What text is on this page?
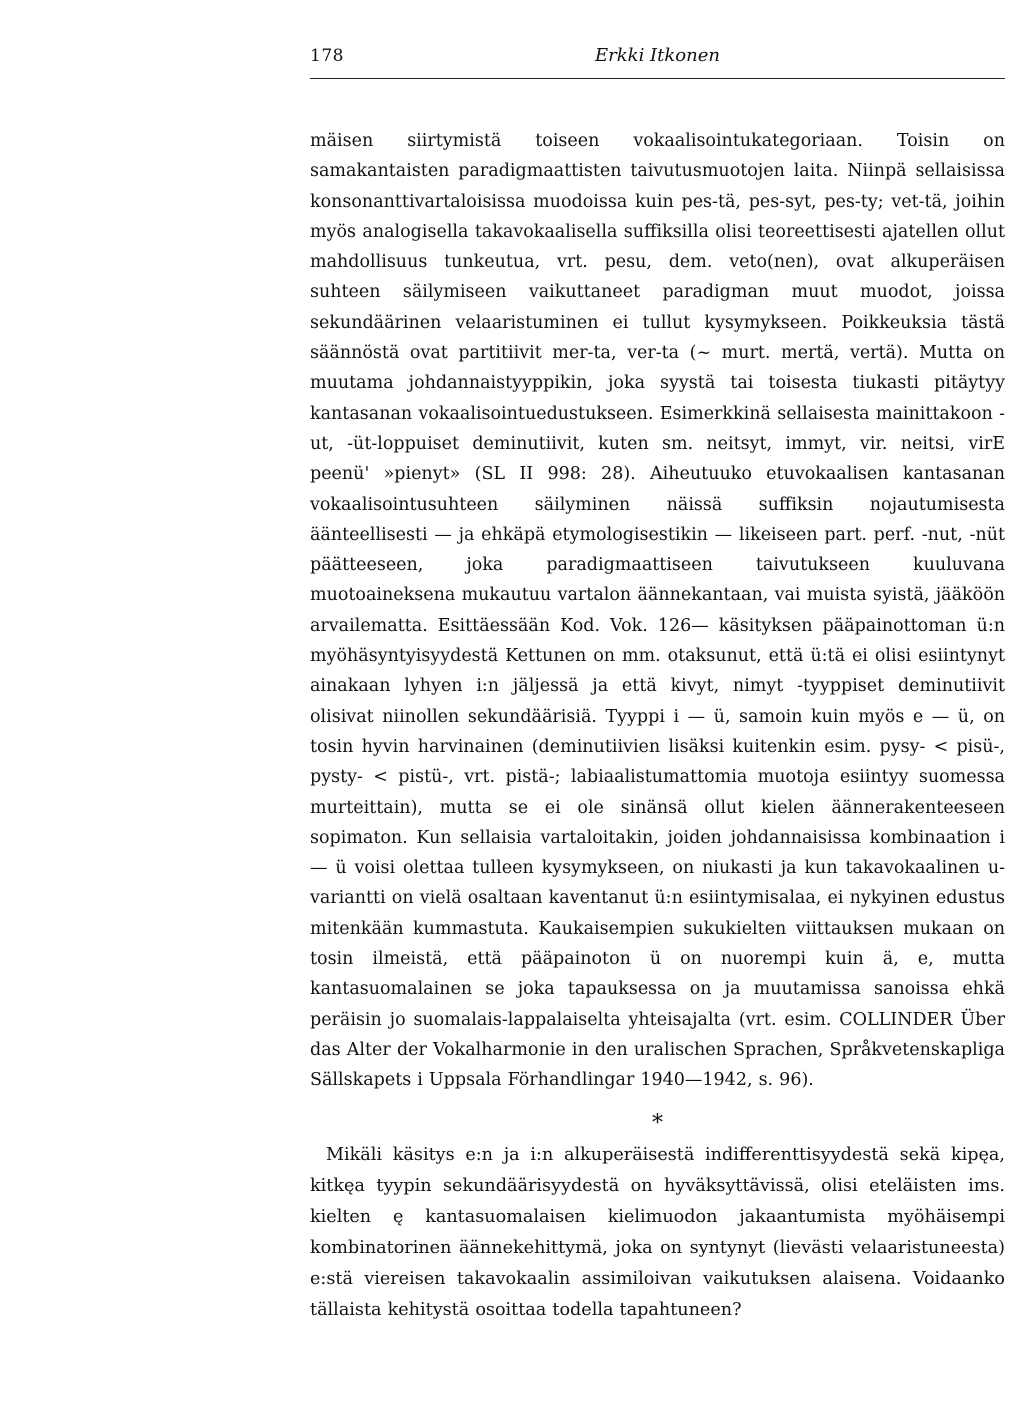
178	Erkki Itkonen

mäisen siirtymistä toiseen vokaalisointukategoriaan. Toisin on samakantaisten paradigmaattisten taivutusmuotojen laita. Niinpä sellaisissa konsonanttivartaloisissa muodoissa kuin pes-tä, pes-syt, pes-ty; vet-tä, joihin myös analogisella takavokaalisella suffiksilla olisi teoreettisesti ajatellen ollut mahdollisuus tunkeutua, vrt. pesu, dem. veto(nen), ovat alkuperäisen suhteen säilymiseen vaikuttaneet paradigman muut muodot, joissa sekundäärinen velaaristuminen ei tullut kysymykseen. Poikkeuksia tästä säännöstä ovat partitiivit mer-ta, ver-ta (~ murt. mertä, vertä). Mutta on muutama johdannaistyyppikin, joka syystä tai toisesta tiukasti pitäytyy kantasanan vokaalisointuedustukseen. Esimerkkinä sellaisesta mainittakoon -ut, -üt-loppuiset deminutiivit, kuten sm. neitsyt, immyt, vir. neitsi, virE peenü' »pienyt» (SL II 998: 28). Aiheutuuko etuvokaalisen kantasanan vokaalisointusuhteen säilyminen näissä suffiksin nojautumisesta äänteellisesti — ja ehkäpä etymologisestikin — likeiseen part. perf. -nut, -nüt päätteeseen, joka paradigmaattiseen taivutukseen kuuluvana muotoaineksena mukautuu vartalon äännekantaan, vai muista syistä, jääköön arvailematta. Esittäessään Kod. Vok. 126— käsityksen pääpainottoman ü:n myöhäsyntyisyydestä Kettunen on mm. otaksunut, että ü:tä ei olisi esiintynyt ainakaan lyhyen i:n jäljessä ja että kivyt, nimyt -tyyppiset deminutiivit olisivat niinollen sekundäärisiä. Tyyppi i — ü, samoin kuin myös e — ü, on tosin hyvin harvinainen (deminutiivien lisäksi kuitenkin esim. pysy- < pisü-, pysty- < pistü-, vrt. pistä-; labiaalistumattomia muotoja esiintyy suomessa murteittain), mutta se ei ole sinänsä ollut kielen äännerakenteeseen sopimaton. Kun sellaisia vartaloitakin, joiden johdannaisissa kombinaation i — ü voisi olettaa tulleen kysymykseen, on niukasti ja kun takavokaalinen u-variantti on vielä osaltaan kaventanut ü:n esiintymisalaa, ei nykyinen edustus mitenkään kummastuta. Kaukaisempien sukukielten viittauksen mukaan on tosin ilmeistä, että pääpainoton ü on nuorempi kuin ä, e, mutta kantasuomalainen se joka tapauksessa on ja muutamissa sanoissa ehkä peräisin jo suomalais-lappalaiselta yhteisajalta (vrt. esim. COLLINDER Über das Alter der Vokalharmonie in den uralischen Sprachen, Språkvetenskapliga Sällskapets i Uppsala Förhandlingar 1940—1942, s. 96).

*

Mikäli käsitys e:n ja i:n alkuperäisestä indifferenttisyydestä sekä kipęa, kitkęa tyypin sekundäärisyydestä on hyväksyttävissä, olisi eteläisten ims. kielten ę kantasuomalaisen kielimuodon jakaantumista myöhäisempi kombinatorinen äännekehittymä, joka on syntynyt (lievästi velaaristuneesta) e:stä viereisen takavokaalin assimiloivan vaikutuksen alaisena. Voidaanko tällaista kehitystä osoittaa todella tapahtuneen?
